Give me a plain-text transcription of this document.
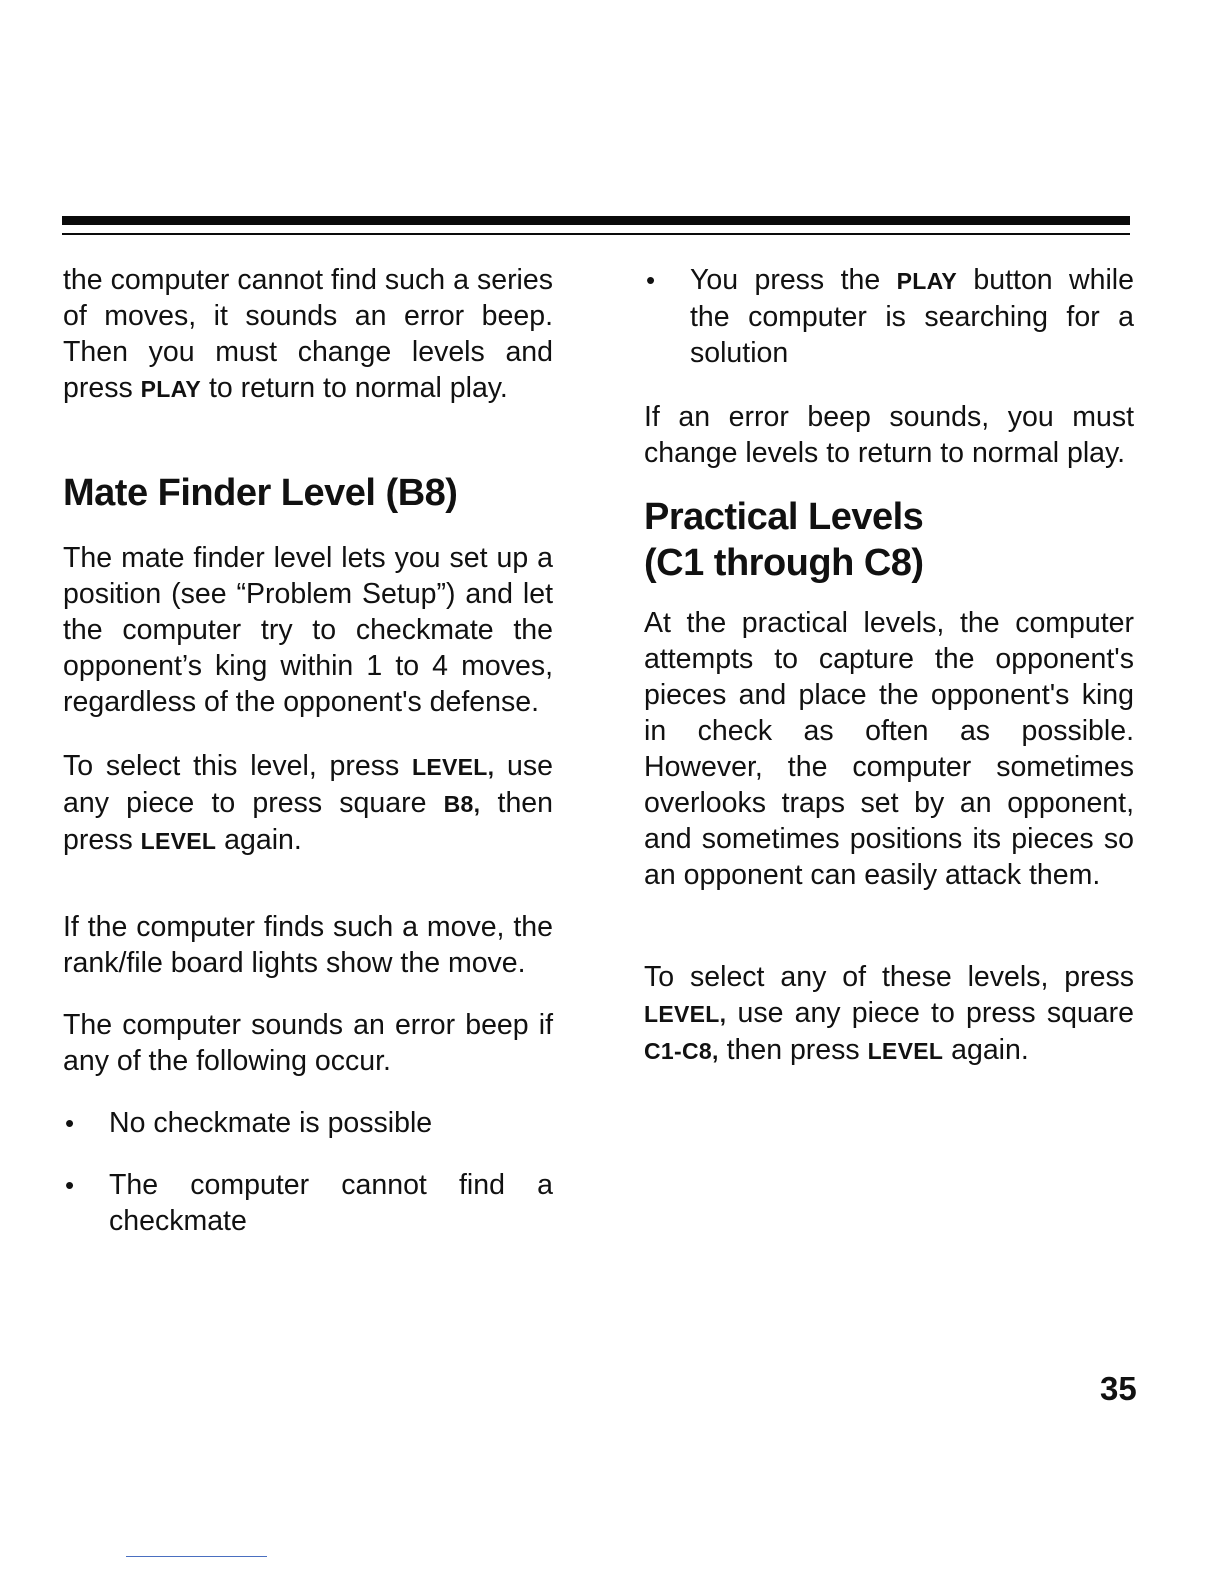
the computer cannot find such a series of moves, it sounds an error beep. Then you must change levels and press PLAY to return to normal play.

Mate Finder Level (B8)

The mate finder level lets you set up a position (see “Problem Setup”) and let the computer try to checkmate the opponent’s king within 1 to 4 moves, regardless of the opponent's defense.

To select this level, press LEVEL, use any piece to press square B8, then press LEVEL again.

If the computer finds such a move, the rank/file board lights show the move.

The computer sounds an error beep if any of the following occur.

• No checkmate is possible

• The computer cannot find a checkmate

• You press the PLAY button while the computer is searching for a solution

If an error beep sounds, you must change levels to return to normal play.

Practical Levels
(C1 through C8)

At the practical levels, the computer attempts to capture the opponent's pieces and place the opponent's king in check as often as possible. However, the computer sometimes overlooks traps set by an opponent, and sometimes positions its pieces so an opponent can easily attack them.

To select any of these levels, press LEVEL, use any piece to press square C1-C8, then press LEVEL again.

35
